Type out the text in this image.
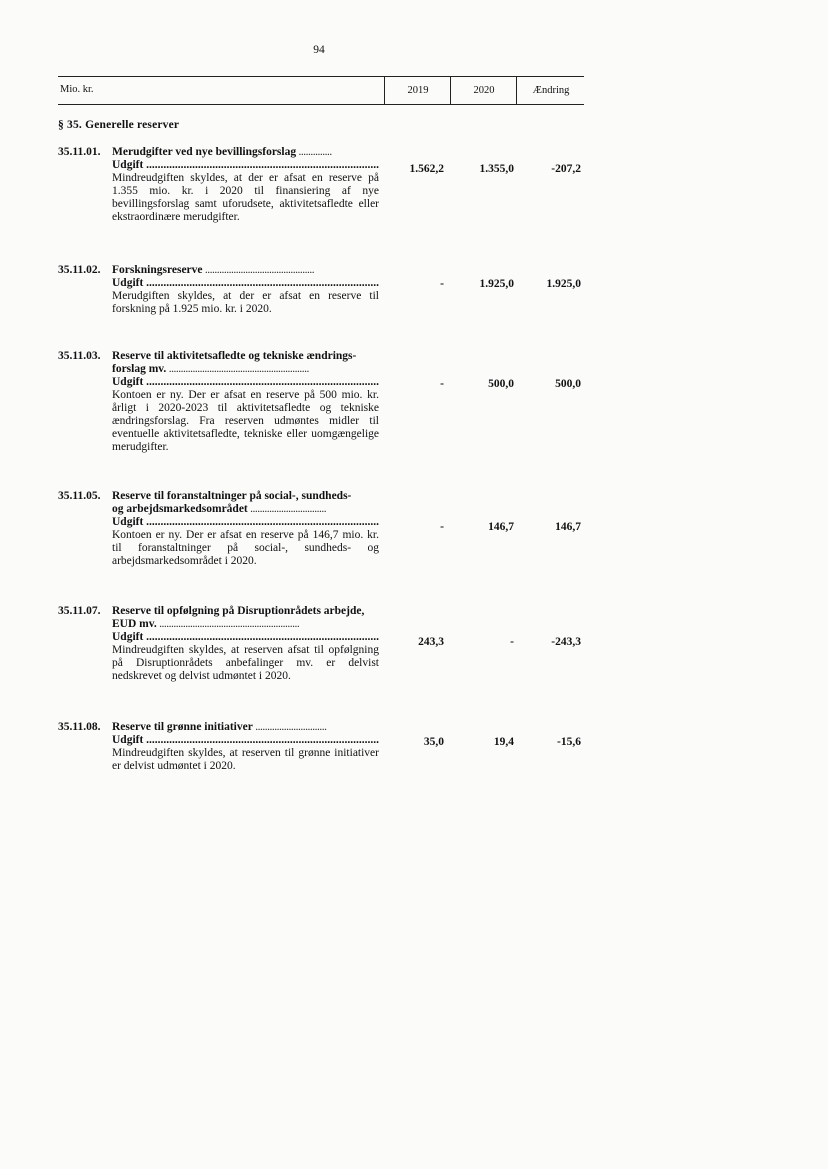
94
Mio. kr.	2019	2020	Ændring
§ 35. Generelle reserver
35.11.01. Merudgifter ved nye bevillingsforslag ..............
Udgift .................................................................................
Mindreudgiften skyldes, at der er afsat en reserve på 1.355 mio. kr. i 2020 til finansiering af nye bevillingsforslag samt uforudsete, aktivitetsafledte eller ekstraordinære merudgifter.
1.562,2	1.355,0	-207,2
35.11.02. Forskningsreserve ..............................................
Udgift .................................................................................
Merudgiften skyldes, at der er afsat en reserve til forskning på 1.925 mio. kr. i 2020.
-	1.925,0	1.925,0
35.11.03. Reserve til aktivitetsafledte og tekniske ændrings-
forslag mv. ...........................................................
Udgift .................................................................................
Kontoen er ny. Der er afsat en reserve på 500 mio. kr. årligt i 2020-2023 til aktivitetsafledte og tekniske ændringsforslag. Fra reserven udmøntes midler til eventuelle aktivitetsafledte, tekniske eller uomgængelige merudgifter.
-	500,0	500,0
35.11.05. Reserve til foranstaltninger på social-, sundheds-
og arbejdsmarkedsområdet ................................
Udgift .................................................................................
Kontoen er ny. Der er afsat en reserve på 146,7 mio. kr. til foranstaltninger på social-, sundheds- og arbejdsmarkedsområdet i 2020.
-	146,7	146,7
35.11.07. Reserve til opfølgning på Disruptionrådets arbejde,
EUD mv. ...........................................................
Udgift .................................................................................
Mindreudgiften skyldes, at reserven afsat til opfølgning på Disruptionrådets anbefalinger mv. er delvist nedskrevet og delvist udmøntet i 2020.
243,3	-	-243,3
35.11.08. Reserve til grønne initiativer ..............................
Udgift .................................................................................
Mindreudgiften skyldes, at reserven til grønne initiativer er delvist udmøntet i 2020.
35,0	19,4	-15,6
